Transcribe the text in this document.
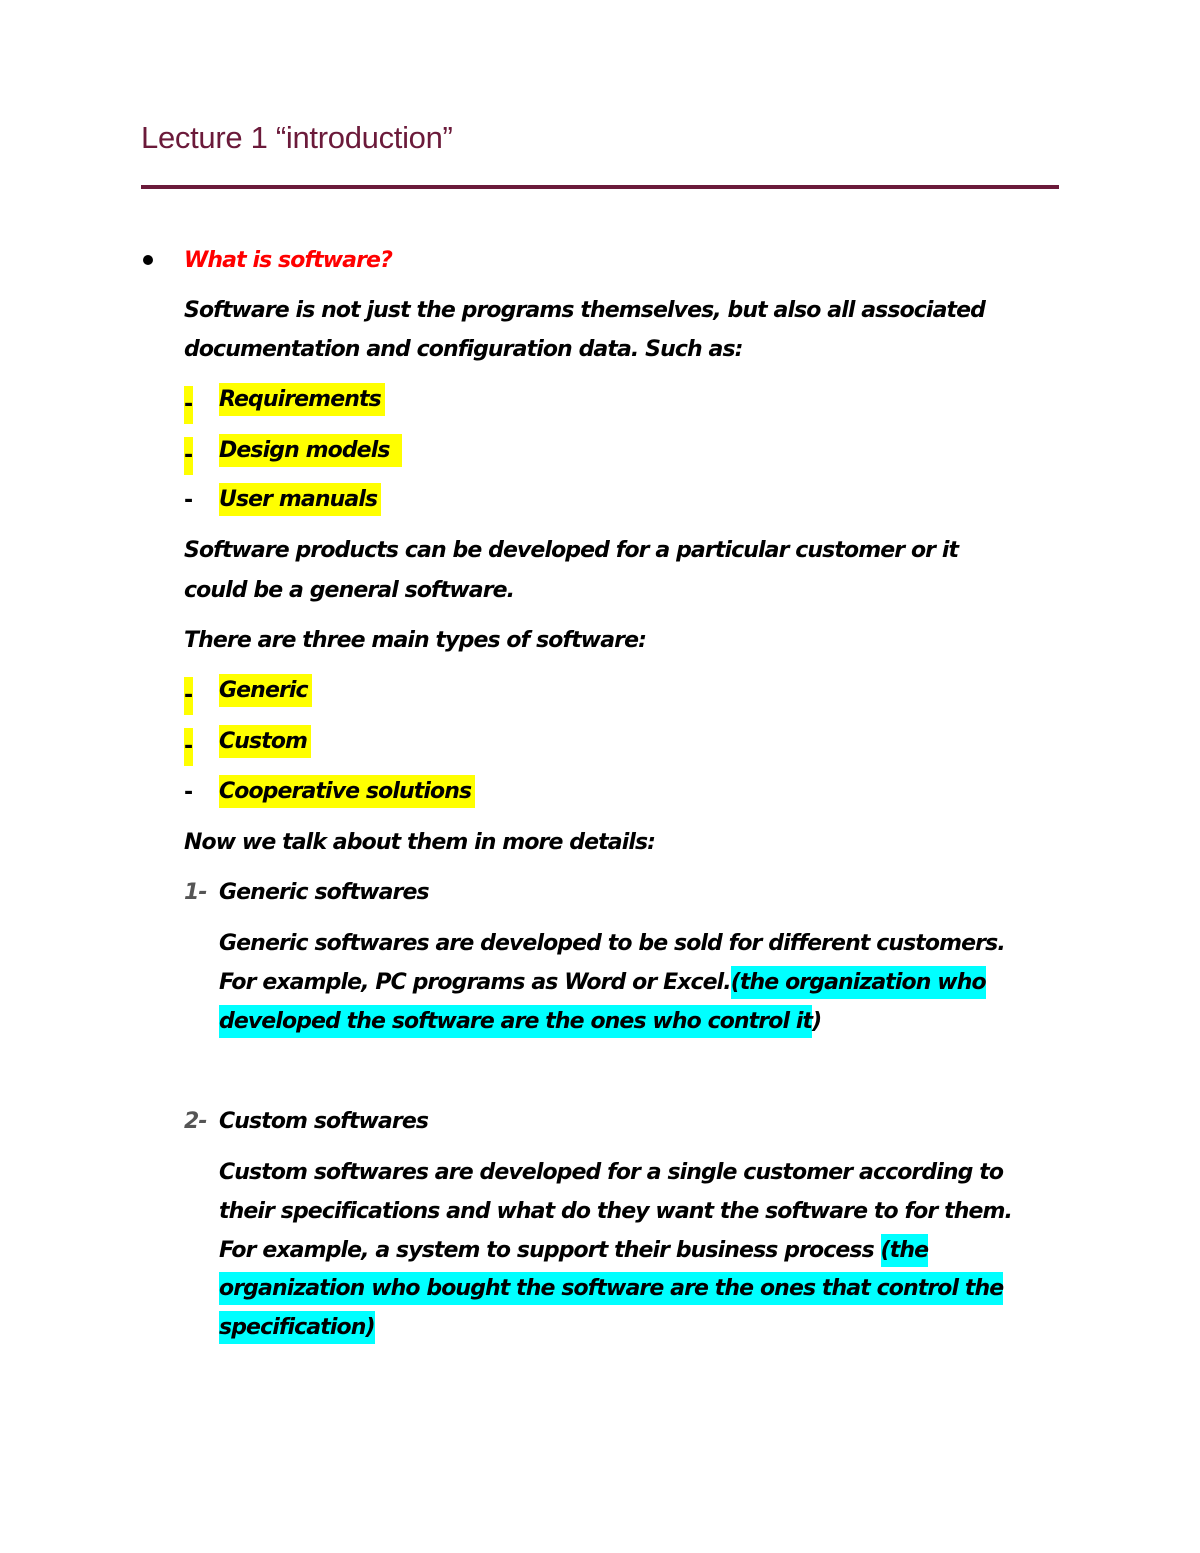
Lecture 1 “introduction”
What is software?
Software is not just the programs themselves, but also all associated
documentation and configuration data. Such as:
- Requirements
- Design models
- User manuals
Software products can be developed for a particular customer or it
could be a general software.
There are three main types of software:
- Generic
- Custom
- Cooperative solutions
Now we talk about them in more details:
1- Generic softwares
Generic softwares are developed to be sold for different customers.
For example, PC programs as Word or Excel.(the organization who
developed the software are the ones who control it)
2- Custom softwares
Custom softwares are developed for a single customer according to
their specifications and what do they want the software to for them.
For example, a system to support their business process (the
organization who bought the software are the ones that control the
specification)
